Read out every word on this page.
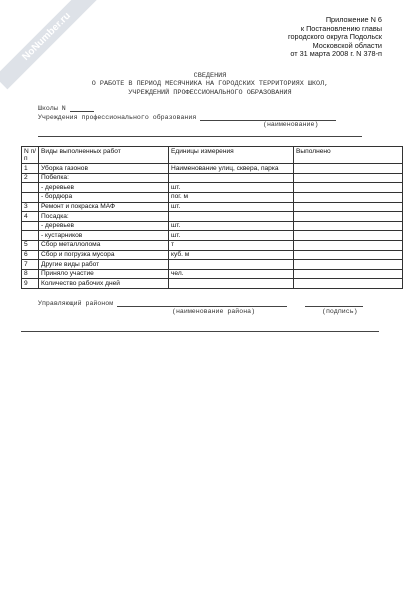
NoNumber.ru	Приложение N 6
к Постановлению главы
городского округа Подольск
Московской области
от 31 марта 2008 г. N 378-п
СВЕДЕНИЯ
О РАБОТЕ В ПЕРИОД МЕСЯЧНИКА НА ГОРОДСКИХ ТЕРРИТОРИЯХ ШКОЛ,
УЧРЕЖДЕНИЙ ПРОФЕССИОНАЛЬНОГО ОБРАЗОВАНИЯ
Школы N
Учреждения профессионального образования
(наименование)
N п/п	Виды выполненных работ	Единицы измерения	Выполнено
1	Уборка газонов	Наименование улиц, сквера, парка	
2	Побелка:		
	- деревьев	шт.	
	- бордюра	пог. м	
3	Ремонт и покраска МАФ	шт.	
4	Посадка:		
	- деревьев	шт.	
	- кустарников	шт.	
5	Сбор металлолома	т	
6	Сбор и погрузка мусора	куб. м	
7	Другие виды работ		
8	Приняло участие	чел.	
9	Количество рабочих дней		
Управляющий районом
(наименование района)	(подпись)
